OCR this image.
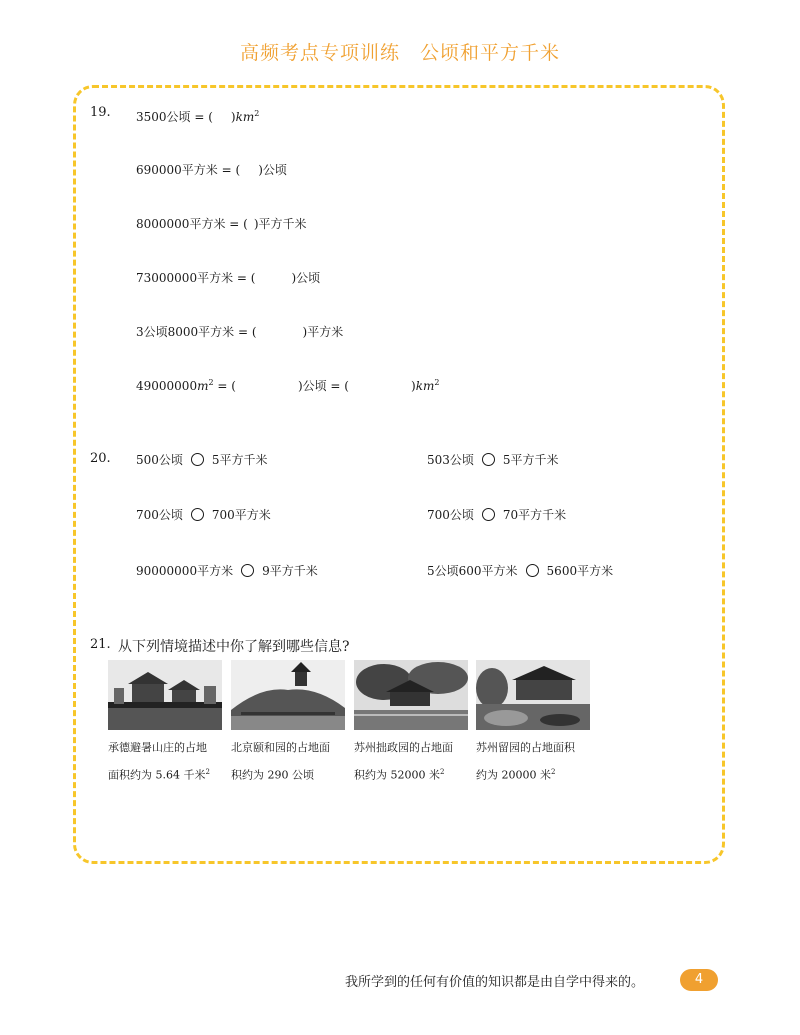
高频考点专项训练　公顷和平方千米
19. 3500公顷 = ( )$km^2$
690000平方米 = ( )公顷
8000000平方米 = ( )平方千米
73000000平方米 = (	)公顷
3公顷8000平方米 = (	)平方米
$49000000m^2$ = (	)公顷 = (	)$km^2$
20. 500公顷 5平方千米	503公顷 5平方千米
700公顷 700平方米	700公顷 70平方千米
90000000平方米 9平方千米	5公顷600平方米 5600平方米
21. 从下列情境描述中你了解到哪些信息?
承德避暑山庄的占地
面积约为 5.64 千米$^2$
北京颐和园的占地面
积约为 290 公顷
苏州拙政园的占地面
积约为 52000 米$^2$
苏州留园的占地面积
约为 20000 米$^2$
我所学到的任何有价值的知识都是由自学中得来的。	4
